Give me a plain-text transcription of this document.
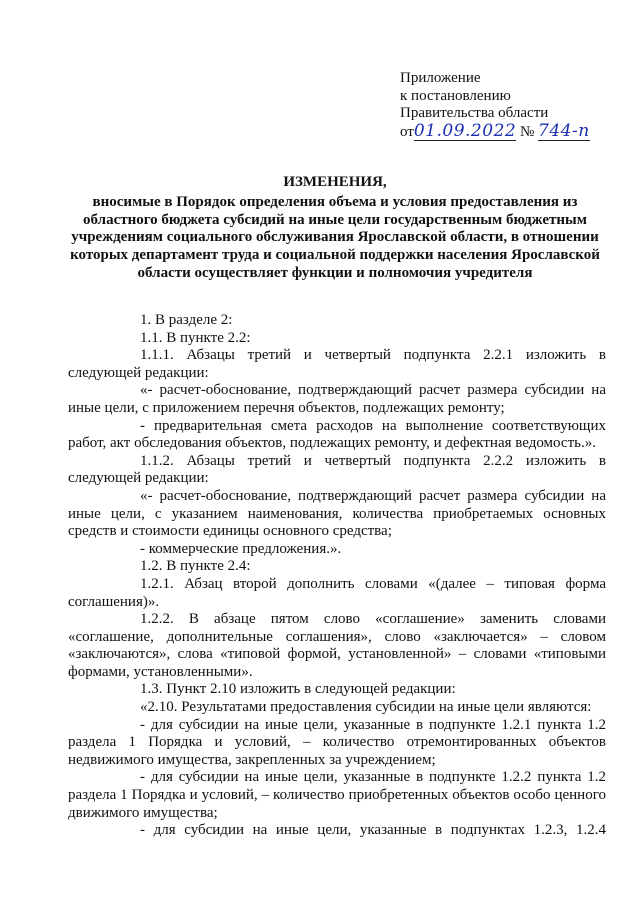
Приложение
к постановлению
Правительства области
от01.09.2022 № 744-п
ИЗМЕНЕНИЯ,
вносимые в Порядок определения объема и условия предоставления из областного бюджета субсидий на иные цели государственным бюджетным учреждениям социального обслуживания Ярославской области, в отношении которых департамент труда и социальной поддержки населения Ярославской области осуществляет функции и полномочия учредителя

1. В разделе 2:

1.1. В пункте 2.2:

1.1.1. Абзацы третий и четвертый подпункта 2.2.1 изложить в следующей редакции:

«- расчет-обоснование, подтверждающий расчет размера субсидии на иные цели, с приложением перечня объектов, подлежащих ремонту;

- предварительная смета расходов на выполнение соответствующих работ, акт обследования объектов, подлежащих ремонту, и дефектная ведомость.».

1.1.2. Абзацы третий и четвертый подпункта 2.2.2 изложить в следующей редакции:

«- расчет-обоснование, подтверждающий расчет размера субсидии на иные цели, с указанием наименования, количества приобретаемых основных средств и стоимости единицы основного средства;

- коммерческие предложения.».

1.2. В пункте 2.4:

1.2.1. Абзац второй дополнить словами «(далее – типовая форма соглашения)».

1.2.2. В абзаце пятом слово «соглашение» заменить словами «соглашение, дополнительные соглашения», слово «заключается» – словом «заключаются», слова «типовой формой, установленной» – словами «типовыми формами, установленными».

1.3. Пункт 2.10 изложить в следующей редакции:

«2.10. Результатами предоставления субсидии на иные цели являются:

- для субсидии на иные цели, указанные в подпункте 1.2.1 пункта 1.2 раздела 1 Порядка и условий, – количество отремонтированных объектов недвижимого имущества, закрепленных за учреждением;

- для субсидии на иные цели, указанные в подпункте 1.2.2 пункта 1.2 раздела 1 Порядка и условий, – количество приобретенных объектов особо ценного движимого имущества;

- для субсидии на иные цели, указанные в подпунктах 1.2.3, 1.2.4
